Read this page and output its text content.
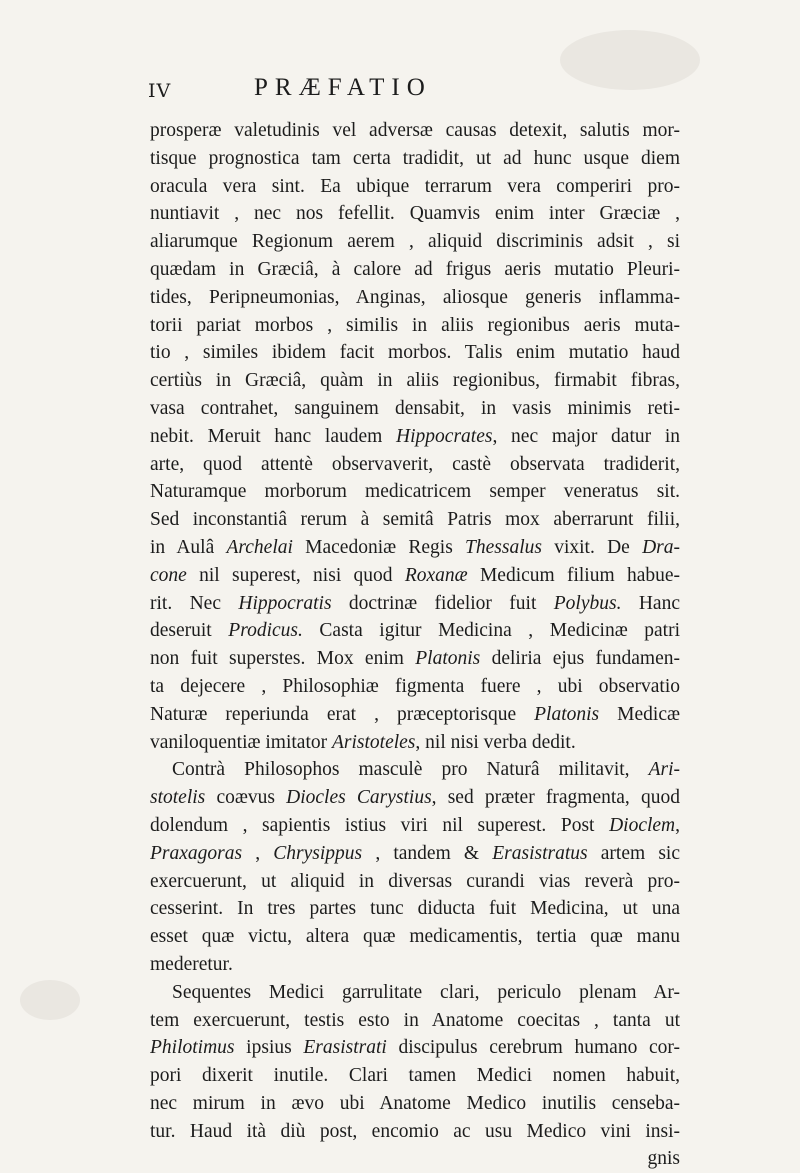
IV	PRÆFATIO
prosperæ valetudinis vel adversæ causas detexit, salutis mor-
tisque prognostica tam certa tradidit, ut ad hunc usque diem
oracula vera sint. Ea ubique terrarum vera comperiri pro-
nuntiavit , nec nos fefellit. Quamvis enim inter Græciæ ,
aliarumque Regionum aerem , aliquid discriminis adsit , si
quædam in Græciâ, à calore ad frigus aeris mutatio Pleuri-
tides, Peripneumonias, Anginas, aliosque generis inflamma-
torii pariat morbos , similis in aliis regionibus aeris muta-
tio , similes ibidem facit morbos. Talis enim mutatio haud
certiùs in Græciâ, quàm in aliis regionibus, firmabit fibras,
vasa contrahet, sanguinem densabit, in vasis minimis reti-
nebit. Meruit hanc laudem Hippocrates, nec major datur in
arte, quod attentè observaverit, castè observata tradiderit,
Naturamque morborum medicatricem semper veneratus sit.
Sed inconstantiâ rerum à semitâ Patris mox aberrarunt filii,
in Aulâ Archelai Macedoniæ Regis Thessalus vixit. De Dra-
cone nil superest, nisi quod Roxanæ Medicum filium habue-
rit. Nec Hippocratis doctrinæ fidelior fuit Polybus. Hanc
deseruit Prodicus. Casta igitur Medicina , Medicinæ patri
non fuit superstes. Mox enim Platonis deliria ejus fundamen-
ta dejecere , Philosophiæ figmenta fuere , ubi observatio
Naturæ reperiunda erat , præceptorisque Platonis Medicæ
vaniloquentiæ imitator Aristoteles, nil nisi verba dedit.
Contrà Philosophos masculè pro Naturâ militavit, Ari-
stotelis coævus Diocles Carystius, sed præter fragmenta, quod
dolendum , sapientis istius viri nil superest. Post Dioclem,
Praxagoras , Chrysippus , tandem & Erasistratus artem sic
exercuerunt, ut aliquid in diversas curandi vias reverà pro-
cesserint. In tres partes tunc diducta fuit Medicina, ut una
esset quæ victu, altera quæ medicamentis, tertia quæ manu
mederetur.
Sequentes Medici garrulitate clari, periculo plenam Ar-
tem exercuerunt, testis esto in Anatome coecitas , tanta ut
Philotimus ipsius Erasistrati discipulus cerebrum humano cor-
pori dixerit inutile. Clari tamen Medici nomen habuit,
nec mirum in ævo ubi Anatome Medico inutilis censeba-
tur. Haud ità diù post, encomio ac usu Medico vini insi-
gnis
